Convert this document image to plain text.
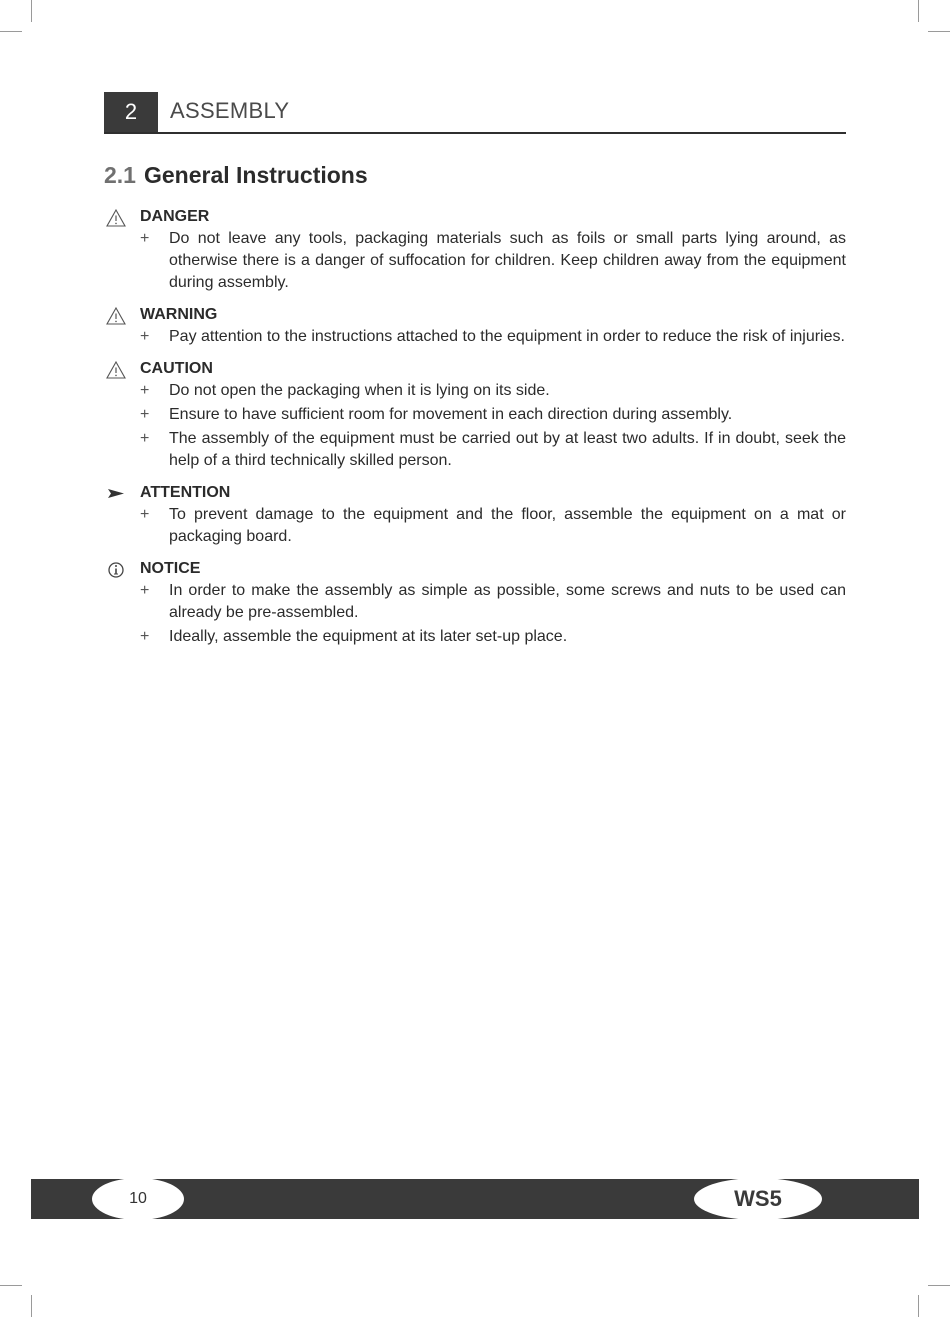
2	ASSEMBLY
2.1 General Instructions
DANGER
+ Do not leave any tools, packaging materials such as foils or small parts lying around, as otherwise there is a danger of suffocation for children. Keep children away from the equipment during assembly.
WARNING
+ Pay attention to the instructions attached to the equipment in order to reduce the risk of injuries.
CAUTION
+ Do not open the packaging when it is lying on its side.
+ Ensure to have sufficient room for movement in each direction during assembly.
+ The assembly of the equipment must be carried out by at least two adults. If in doubt, seek the help of a third technically skilled person.
ATTENTION
+ To prevent damage to the equipment and the floor, assemble the equipment on a mat or packaging board.
NOTICE
+ In order to make the assembly as simple as possible, some screws and nuts to be used can already be pre-assembled.
+ Ideally, assemble the equipment at its later set-up place.
10	WS5
